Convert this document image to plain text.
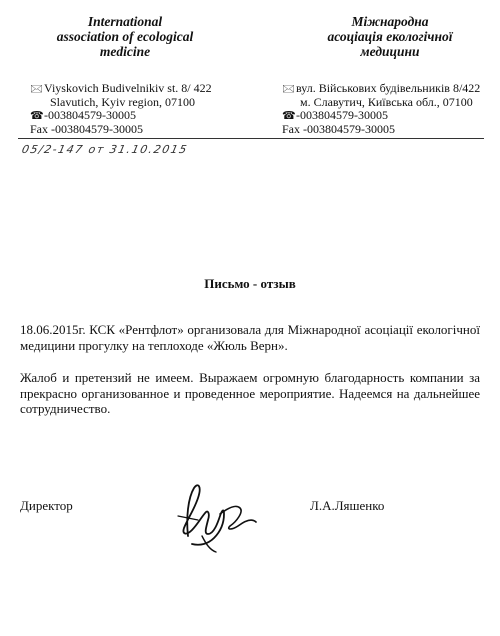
International
association of ecological
medicine
Міжнародна
асоціація екологічної
медицини
🖂Viyskovich Budivelnikiv st. 8/ 422
Slavutich, Kyiv region, 07100
☎-003804579-30005
Fax -003804579-30005
🖂вул. Військових будівельників 8/422
м. Славутич, Київська обл., 07100
☎-003804579-30005
Fax -003804579-30005
05/2-147 от 31.10.2015
Письмо - отзыв
18.06.2015г. КСК «Рентфлот» организовала для Міжнародної асоціації екологічної медицини прогулку на теплоходе «Жюль Верн».
Жалоб и претензий не имеем. Выражаем огромную благодарность компании за прекрасно организованное и проведенное мероприятие. Надеемся на дальнейшее сотрудничество.
Директор	Л.А.Ляшенко
